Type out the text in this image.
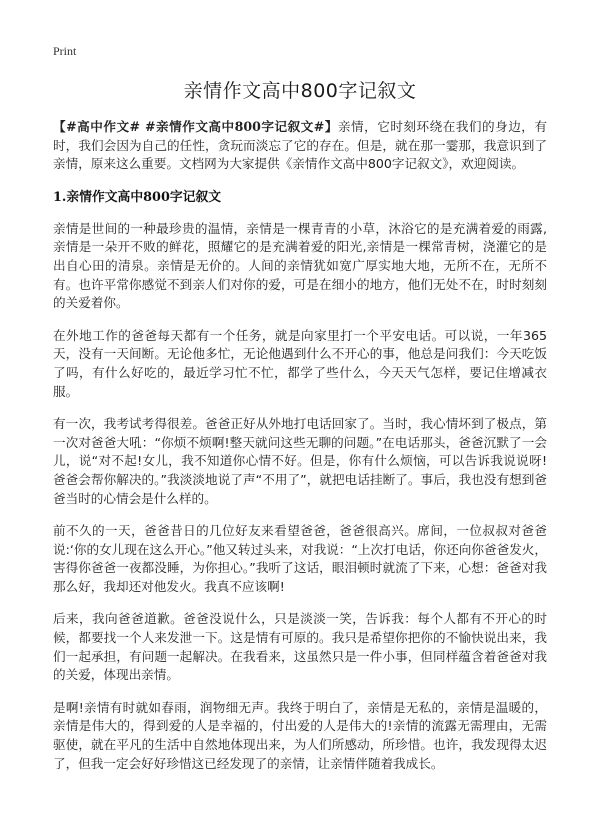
Print
亲情作文高中800字记叙文

【#高中作文# #亲情作文高中800字记叙文#】亲情，它时刻环绕在我们的身边，有时，我们会因为自己的任性，贪玩而淡忘了它的存在。但是，就在那一霎那，我意识到了亲情，原来这么重要。文档网为大家提供《亲情作文高中800字记叙文》，欢迎阅读。

1.亲情作文高中800字记叙文

亲情是世间的一种最珍贵的温情，亲情是一棵青青的小草，沐浴它的是充满着爱的雨露,亲情是一朵开不败的鲜花，照耀它的是充满着爱的阳光,亲情是一棵常青树，浇灌它的是出自心田的清泉。亲情是无价的。人间的亲情犹如宽广厚实地大地，无所不在，无所不有。也许平常你感觉不到亲人们对你的爱，可是在细小的地方，他们无处不在，时时刻刻的关爱着你。

在外地工作的爸爸每天都有一个任务，就是向家里打一个平安电话。可以说，一年365天，没有一天间断。无论他多忙，无论他遇到什么不开心的事，他总是问我们：今天吃饭了吗，有什么好吃的，最近学习忙不忙，都学了些什么，今天天气怎样，要记住增减衣服。

有一次，我考试考得很差。爸爸正好从外地打电话回家了。当时，我心情坏到了极点，第一次对爸爸大吼：“你烦不烦啊!整天就问这些无聊的问题。”在电话那头，爸爸沉默了一会儿，说“对不起!女儿，我不知道你心情不好。但是，你有什么烦恼，可以告诉我说说呀!爸爸会帮你解决的。”我淡淡地说了声“不用了”，就把电话挂断了。事后，我也没有想到爸爸当时的心情会是什么样的。

前不久的一天，爸爸昔日的几位好友来看望爸爸，爸爸很高兴。席间，一位叔叔对爸爸说:‘你的女儿现在这么开心。”他又转过头来，对我说：“上次打电话，你还向你爸爸发火，害得你爸爸一夜都没睡，为你担心。”我听了这话，眼泪顿时就流了下来，心想：爸爸对我那么好，我却还对他发火。我真不应该啊!

后来，我向爸爸道歉。爸爸没说什么，只是淡淡一笑，告诉我：每个人都有不开心的时候，都要找一个人来发泄一下。这是情有可原的。我只是希望你把你的不愉快说出来，我们一起承担，有问题一起解决。在我看来，这虽然只是一件小事，但同样蕴含着爸爸对我的关爱，体现出亲情。

是啊!亲情有时就如春雨，润物细无声。我终于明白了，亲情是无私的，亲情是温暖的，亲情是伟大的，得到爱的人是幸福的，付出爱的人是伟大的!亲情的流露无需理由，无需驱使，就在平凡的生活中自然地体现出来，为人们所感动，所珍惜。也许，我发现得太迟了，但我一定会好好珍惜这已经发现了的亲情，让亲情伴随着我成长。
